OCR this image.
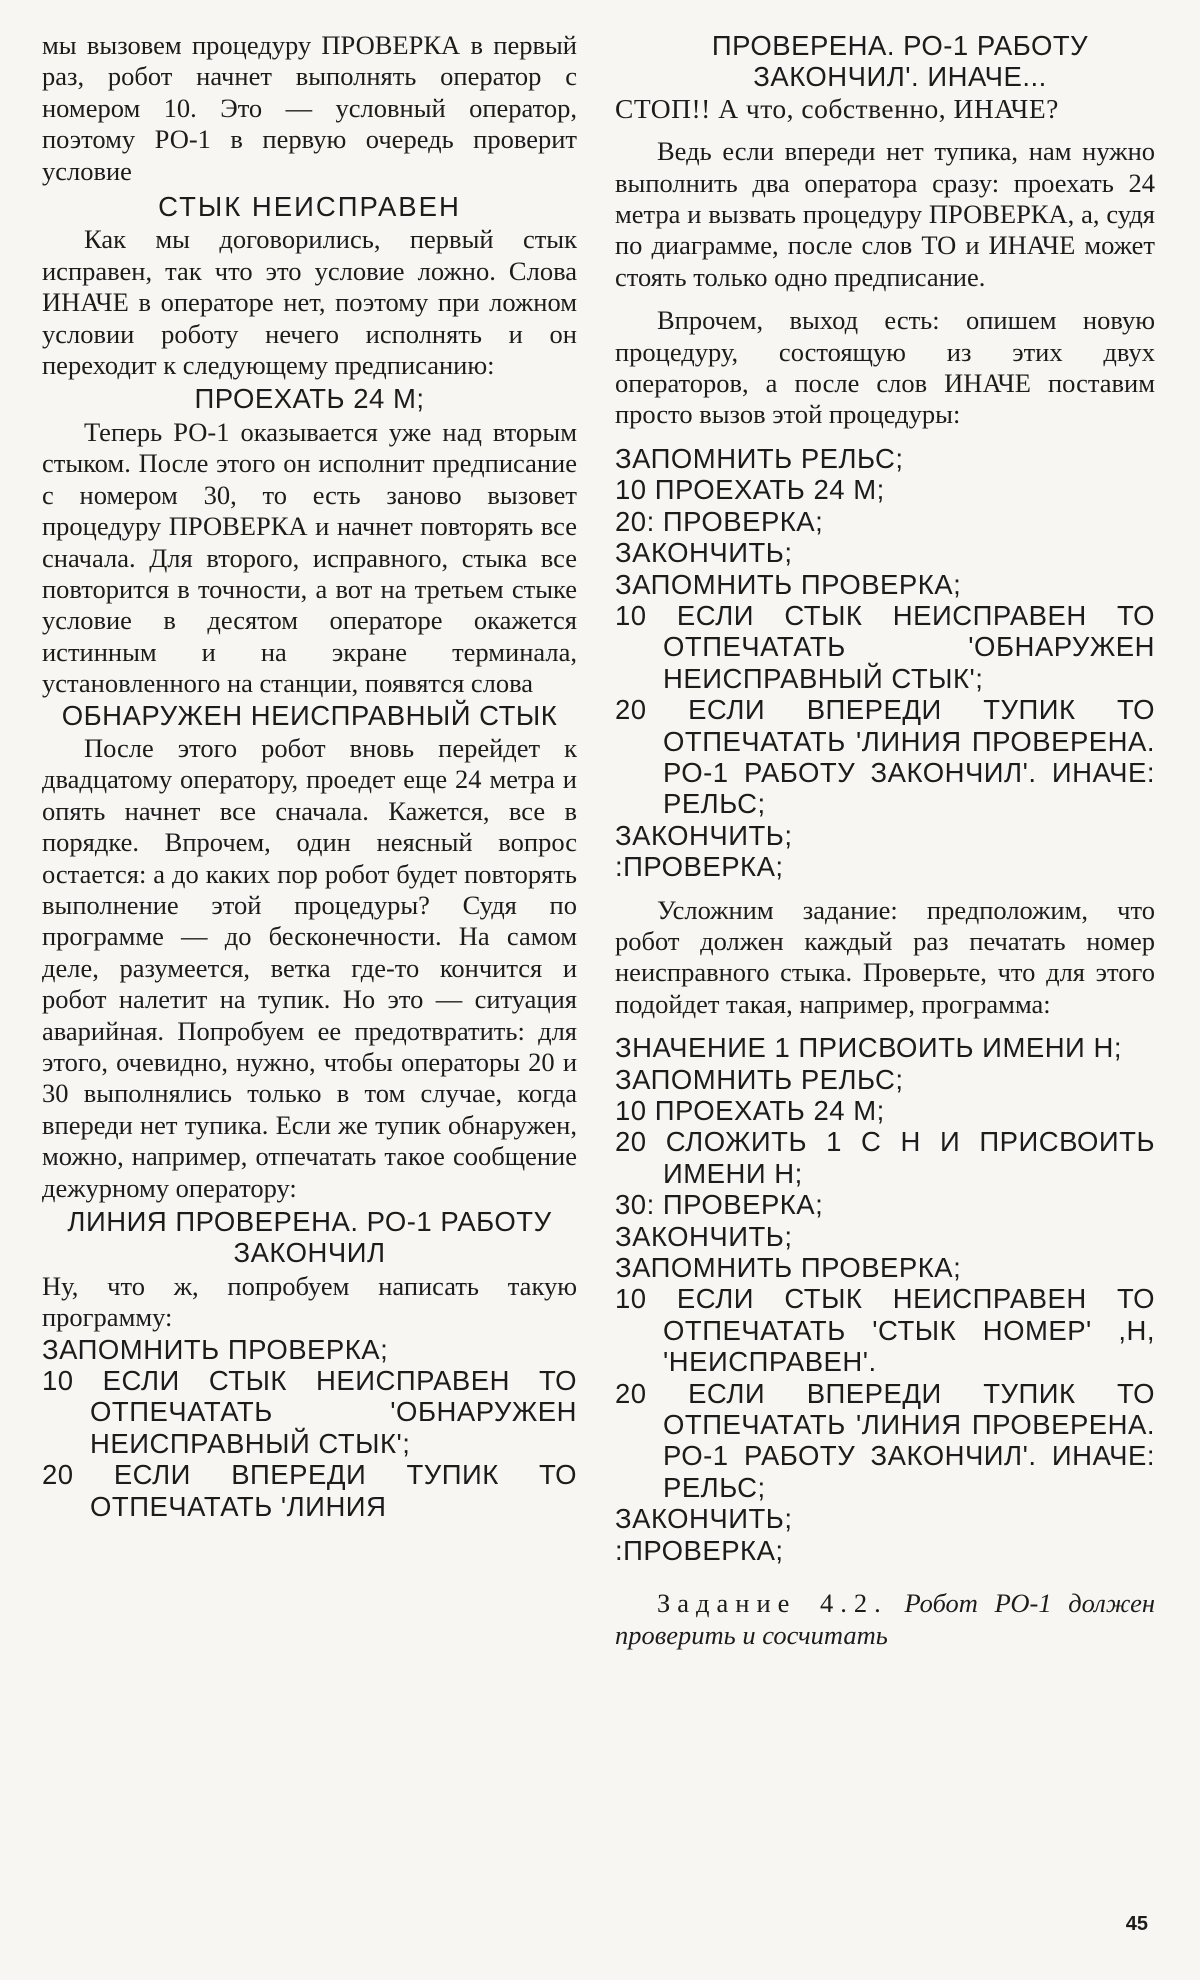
мы вызовем процедуру ПРОВЕРКА в первый раз, робот начнет выполнять оператор с номером 10. Это — условный оператор, поэтому РО-1 в первую очередь проверит условие

СТЫК НЕИСПРАВЕН

Как мы договорились, первый стык исправен, так что это условие ложно. Слова ИНАЧЕ в операторе нет, поэтому при ложном условии роботу нечего исполнять и он переходит к следующему предписанию:

ПРОЕХАТЬ 24 М;

Теперь РО-1 оказывается уже над вторым стыком. После этого он исполнит предписание с номером 30, то есть заново вызовет процедуру ПРОВЕРКА и начнет повторять все сначала. Для второго, исправного, стыка все повторится в точности, а вот на третьем стыке условие в десятом операторе окажется истинным и на экране терминала, установленного на станции, появятся слова

ОБНАРУЖЕН НЕИСПРАВНЫЙ СТЫК

После этого робот вновь перейдет к двадцатому оператору, проедет еще 24 метра и опять начнет все сначала. Кажется, все в порядке. Впрочем, один неясный вопрос остается: а до каких пор робот будет повторять выполнение этой процедуры? Судя по программе — до бесконечности. На самом деле, разумеется, ветка где-то кончится и робот налетит на тупик. Но это — ситуация аварийная. Попробуем ее предотвратить: для этого, очевидно, нужно, чтобы операторы 20 и 30 выполнялись только в том случае, когда впереди нет тупика. Если же тупик обнаружен, можно, например, отпечатать такое сообщение дежурному оператору:

ЛИНИЯ ПРОВЕРЕНА. РО-1 РАБОТУ ЗАКОНЧИЛ

Ну, что ж, попробуем написать такую программу:

ЗАПОМНИТЬ ПРОВЕРКА;
10 ЕСЛИ СТЫК НЕИСПРАВЕН ТО ОТПЕЧАТАТЬ 'ОБНАРУЖЕН НЕИСПРАВНЫЙ СТЫК';
20 ЕСЛИ ВПЕРЕДИ ТУПИК ТО ОТПЕЧАТАТЬ 'ЛИНИЯ
ПРОВЕРЕНА. РО-1 РАБОТУ ЗАКОНЧИЛ'. ИНАЧЕ...

СТОП!! А что, собственно, ИНАЧЕ?

Ведь если впереди нет тупика, нам нужно выполнить два оператора сразу: проехать 24 метра и вызвать процедуру ПРОВЕРКА, а, судя по диаграмме, после слов ТО и ИНАЧЕ может стоять только одно предписание.

Впрочем, выход есть: опишем новую процедуру, состоящую из этих двух операторов, а после слов ИНАЧЕ поставим просто вызов этой процедуры:

ЗАПОМНИТЬ РЕЛЬС;
10 ПРОЕХАТЬ 24 М;
20: ПРОВЕРКА;
ЗАКОНЧИТЬ;
ЗАПОМНИТЬ ПРОВЕРКА;
10 ЕСЛИ СТЫК НЕИСПРАВЕН ТО ОТПЕЧАТАТЬ 'ОБНАРУЖЕН НЕИСПРАВНЫЙ СТЫК';
20 ЕСЛИ ВПЕРЕДИ ТУПИК ТО ОТПЕЧАТАТЬ 'ЛИНИЯ ПРОВЕРЕНА. РО-1 РАБОТУ ЗАКОНЧИЛ'. ИНАЧЕ: РЕЛЬС;
ЗАКОНЧИТЬ;
:ПРОВЕРКА;

Усложним задание: предположим, что робот должен каждый раз печатать номер неисправного стыка. Проверьте, что для этого подойдет такая, например, программа:

ЗНАЧЕНИЕ 1 ПРИСВОИТЬ ИМЕНИ Н;
ЗАПОМНИТЬ РЕЛЬС;
10 ПРОЕХАТЬ 24 М;
20 СЛОЖИТЬ 1 С Н И ПРИСВОИТЬ ИМЕНИ Н;
30: ПРОВЕРКА;
ЗАКОНЧИТЬ;
ЗАПОМНИТЬ ПРОВЕРКА;
10 ЕСЛИ СТЫК НЕИСПРАВЕН ТО ОТПЕЧАТАТЬ 'СТЫК НОМЕР' ,Н, 'НЕИСПРАВЕН'.
20 ЕСЛИ ВПЕРЕДИ ТУПИК ТО ОТПЕЧАТАТЬ 'ЛИНИЯ ПРОВЕРЕНА. РО-1 РАБОТУ ЗАКОНЧИЛ'. ИНАЧЕ: РЕЛЬС;
ЗАКОНЧИТЬ;
:ПРОВЕРКА;

Задание 4.2. Робот РО-1 должен проверить и сосчитать

45
